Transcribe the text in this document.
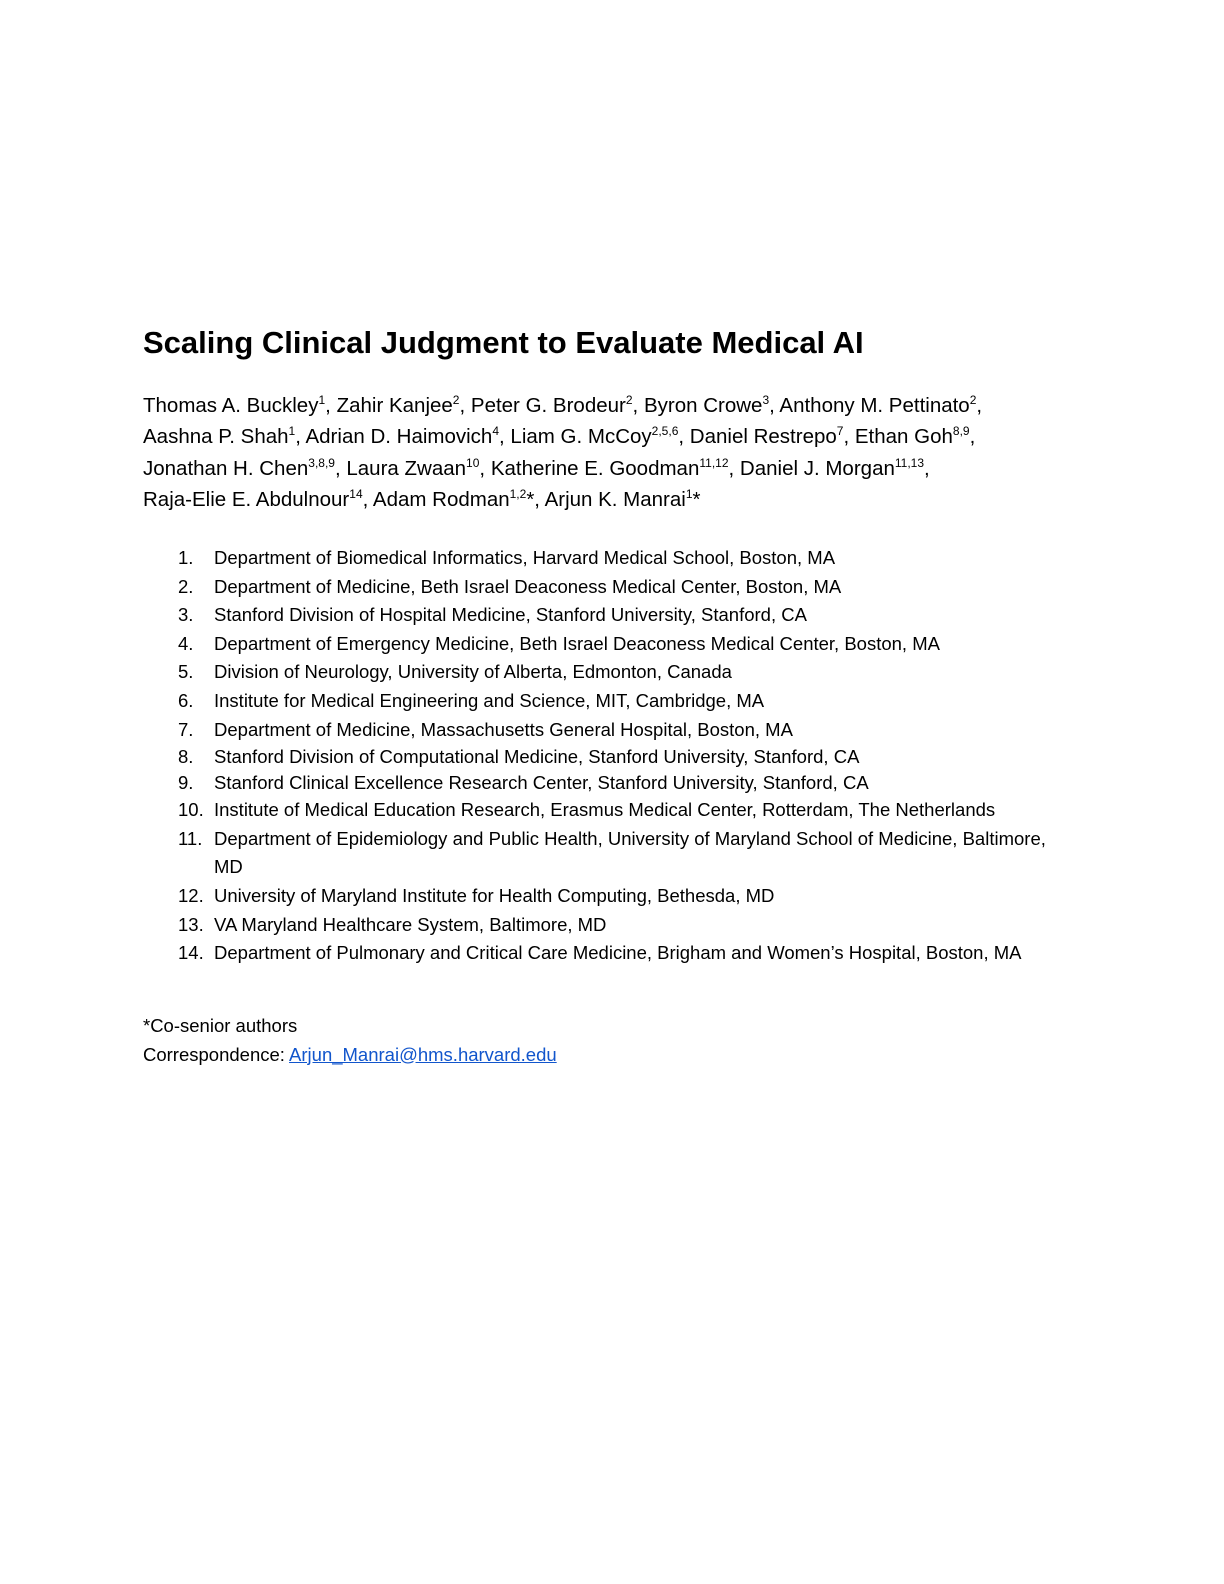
Scaling Clinical Judgment to Evaluate Medical AI
Thomas A. Buckley$^1$, Zahir Kanjee$^2$, Peter G. Brodeur$^2$, Byron Crowe$^3$, Anthony M. Pettinato$^2$,
Aashna P. Shah$^1$, Adrian D. Haimovich$^4$, Liam G. McCoy$^{2,5,6}$, Daniel Restrepo$^7$, Ethan Goh$^{8,9}$,
Jonathan H. Chen$^{3,8,9}$, Laura Zwaan$^{10}$, Katherine E. Goodman$^{11,12}$, Daniel J. Morgan$^{11,13}$,
Raja-Elie E. Abdulnour$^{14}$, Adam Rodman$^{1,2}$*, Arjun K. Manrai$^1$*
1. Department of Biomedical Informatics, Harvard Medical School, Boston, MA
2. Department of Medicine, Beth Israel Deaconess Medical Center, Boston, MA
3. Stanford Division of Hospital Medicine, Stanford University, Stanford, CA
4. Department of Emergency Medicine, Beth Israel Deaconess Medical Center, Boston, MA
5. Division of Neurology, University of Alberta, Edmonton, Canada
6. Institute for Medical Engineering and Science, MIT, Cambridge, MA
7. Department of Medicine, Massachusetts General Hospital, Boston, MA
8. Stanford Division of Computational Medicine, Stanford University, Stanford, CA
9. Stanford Clinical Excellence Research Center, Stanford University, Stanford, CA
10. Institute of Medical Education Research, Erasmus Medical Center, Rotterdam, The Netherlands
11. Department of Epidemiology and Public Health, University of Maryland School of Medicine, Baltimore, MD
12. University of Maryland Institute for Health Computing, Bethesda, MD
13. VA Maryland Healthcare System, Baltimore, MD
14. Department of Pulmonary and Critical Care Medicine, Brigham and Women’s Hospital, Boston, MA
*Co-senior authors
Correspondence: Arjun_Manrai@hms.harvard.edu
